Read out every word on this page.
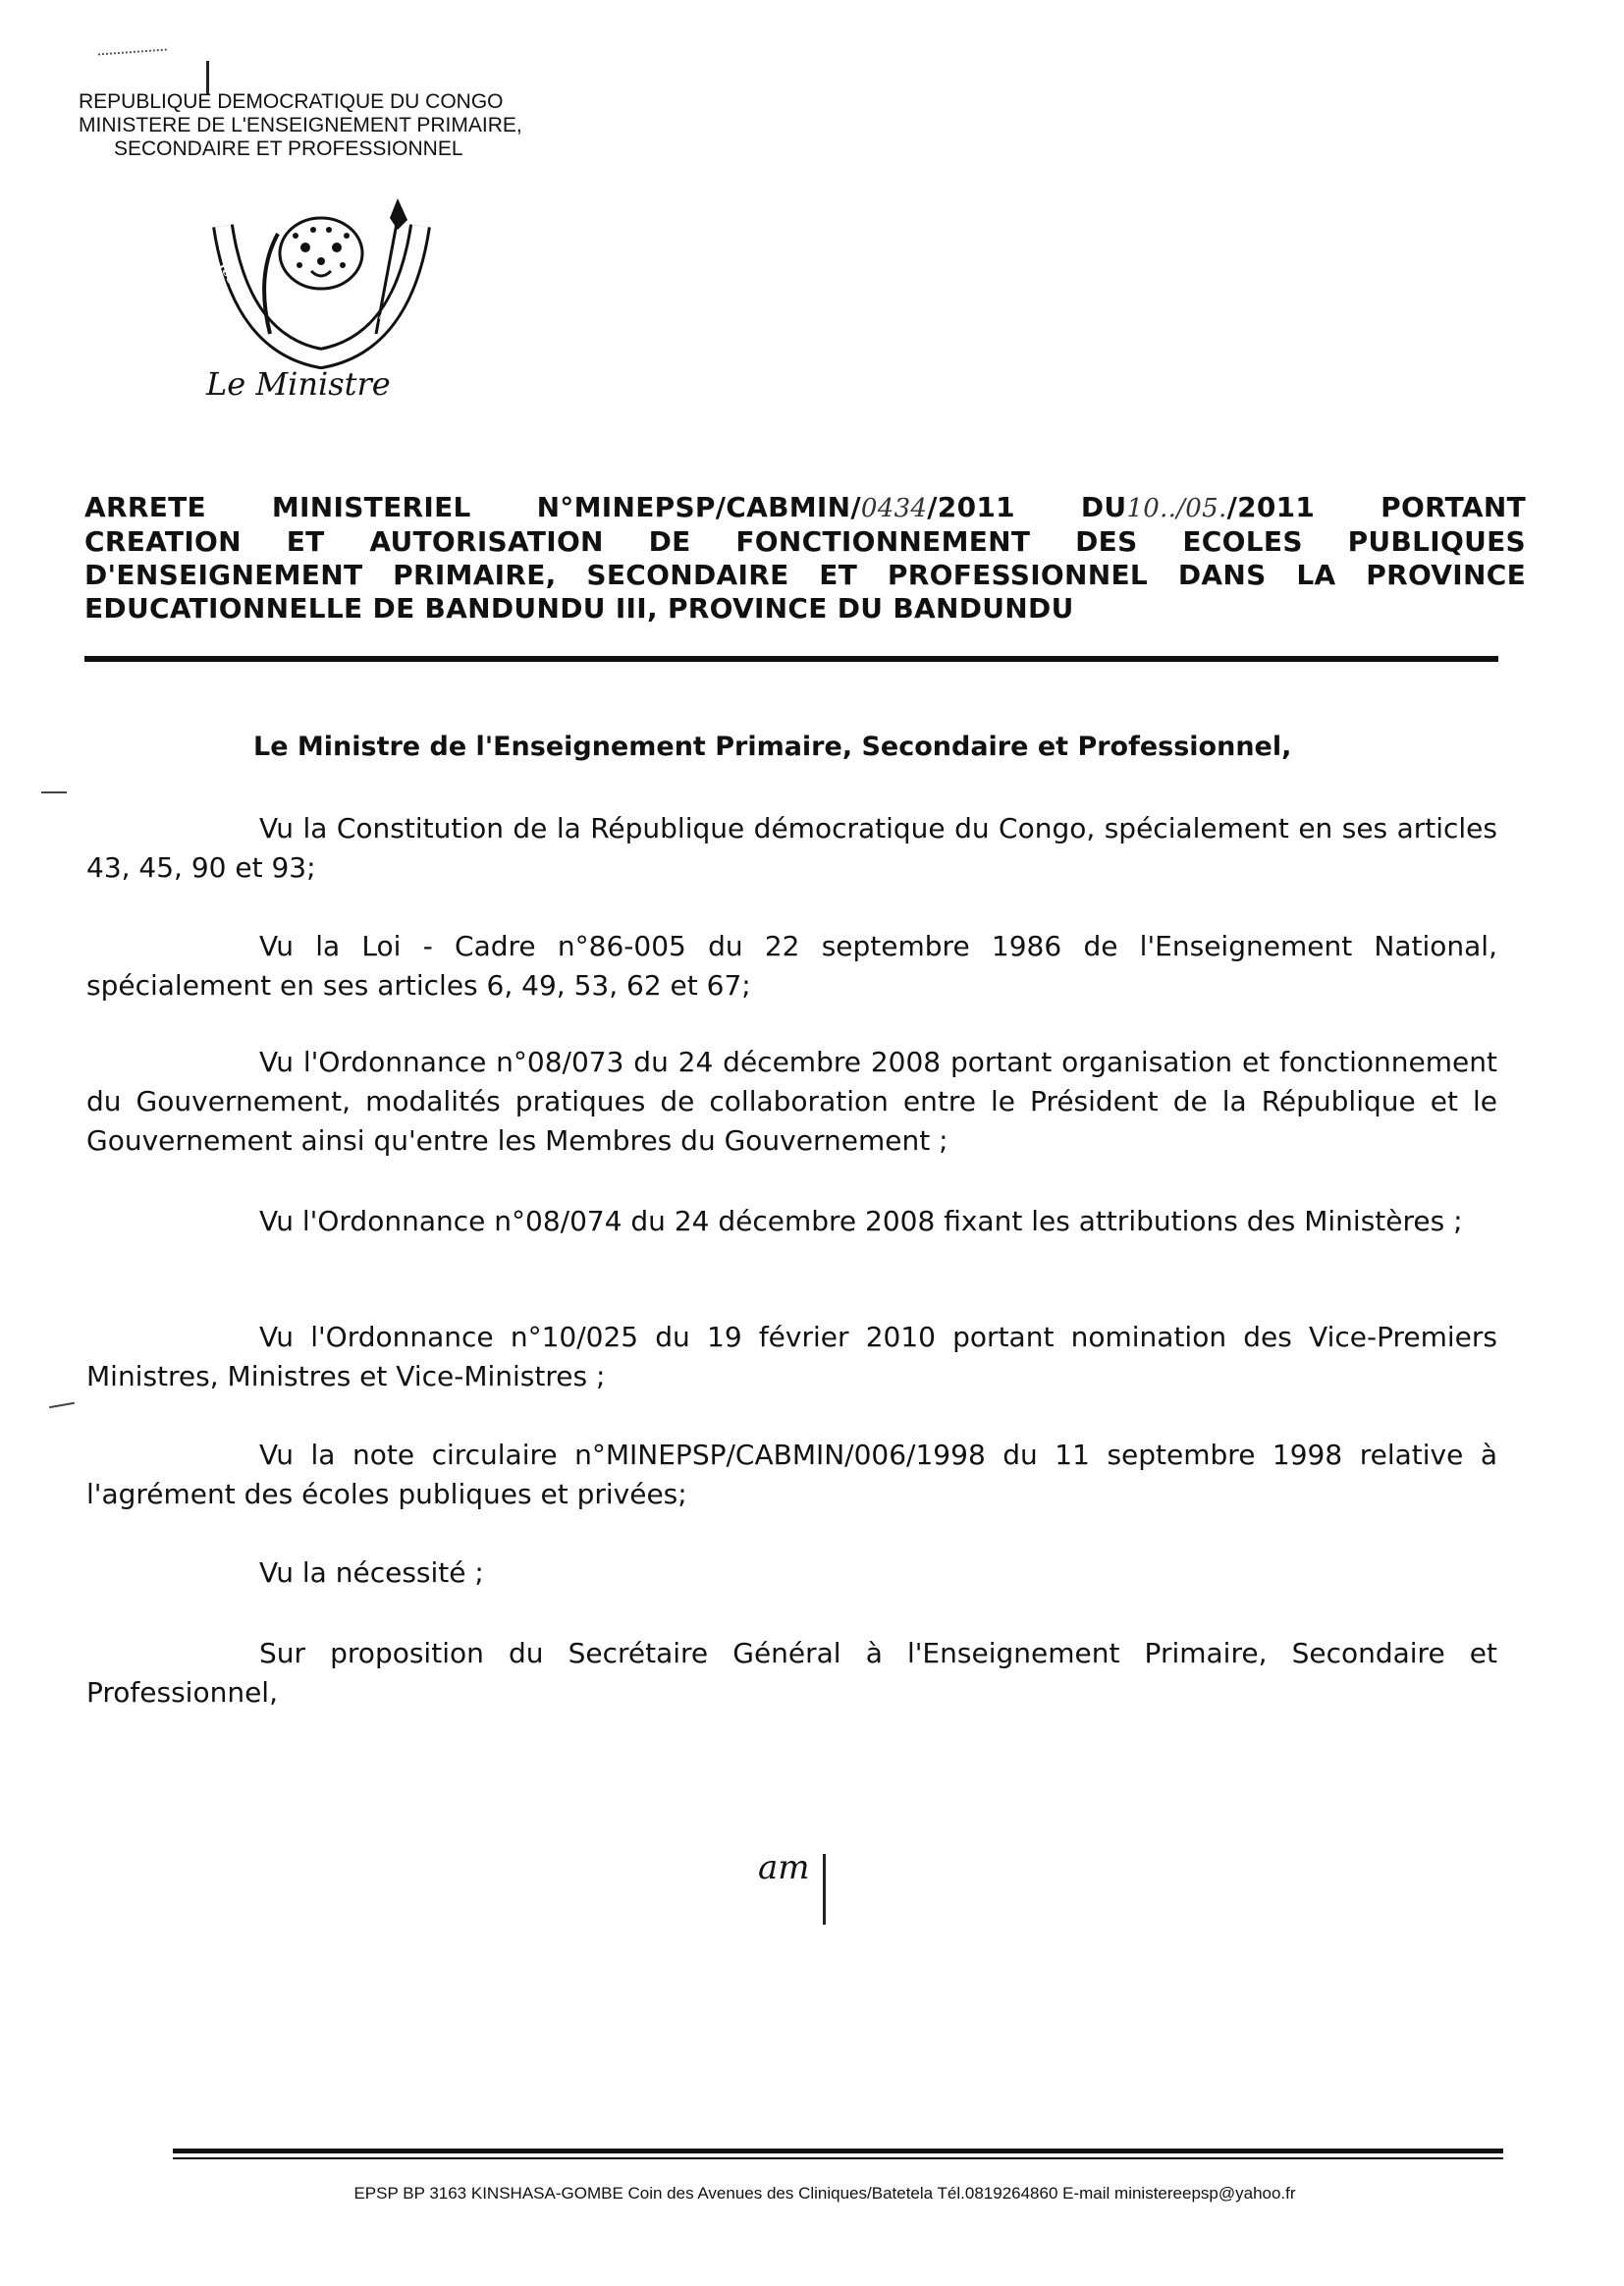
REPUBLIQUE DEMOCRATIQUE DU CONGO
MINISTERE DE L'ENSEIGNEMENT PRIMAIRE,
SECONDAIRE ET PROFESSIONNEL
JUSTICE
PAIX
TRAVAIL
Le Ministre
ARRETE MINISTERIEL N°MINEPSP/CABMIN/0434/2011 DU10../05./2011 PORTANT
CREATION ET AUTORISATION DE FONCTIONNEMENT DES ECOLES PUBLIQUES
D'ENSEIGNEMENT PRIMAIRE, SECONDAIRE ET PROFESSIONNEL DANS LA PROVINCE
EDUCATIONNELLE DE BANDUNDU III, PROVINCE DU BANDUNDU
Le Ministre de l'Enseignement Primaire, Secondaire et Professionnel,
Vu la Constitution de la République démocratique du Congo, spécialement en ses articles 43, 45, 90 et 93;
Vu la Loi - Cadre n°86-005 du 22 septembre 1986 de l'Enseignement National, spécialement en ses articles 6, 49, 53, 62 et 67;
Vu l'Ordonnance n°08/073 du 24 décembre 2008 portant organisation et fonctionnement du Gouvernement, modalités pratiques de collaboration entre le Président de la République et le Gouvernement ainsi qu'entre les Membres du Gouvernement ;
Vu l'Ordonnance n°08/074 du 24 décembre 2008 fixant les attributions des Ministères ;
Vu l'Ordonnance n°10/025 du 19 février 2010 portant nomination des Vice-Premiers Ministres, Ministres et Vice-Ministres ;
Vu la note circulaire n°MINEPSP/CABMIN/006/1998 du 11 septembre 1998 relative à l'agrément des écoles publiques et privées;
Vu la nécessité ;
Sur proposition du Secrétaire Général à l'Enseignement Primaire, Secondaire et Professionnel,
am
EPSP BP 3163 KINSHASA-GOMBE Coin des Avenues des Cliniques/Batetela Tél.0819264860 E-mail ministereepsp@yahoo.fr
